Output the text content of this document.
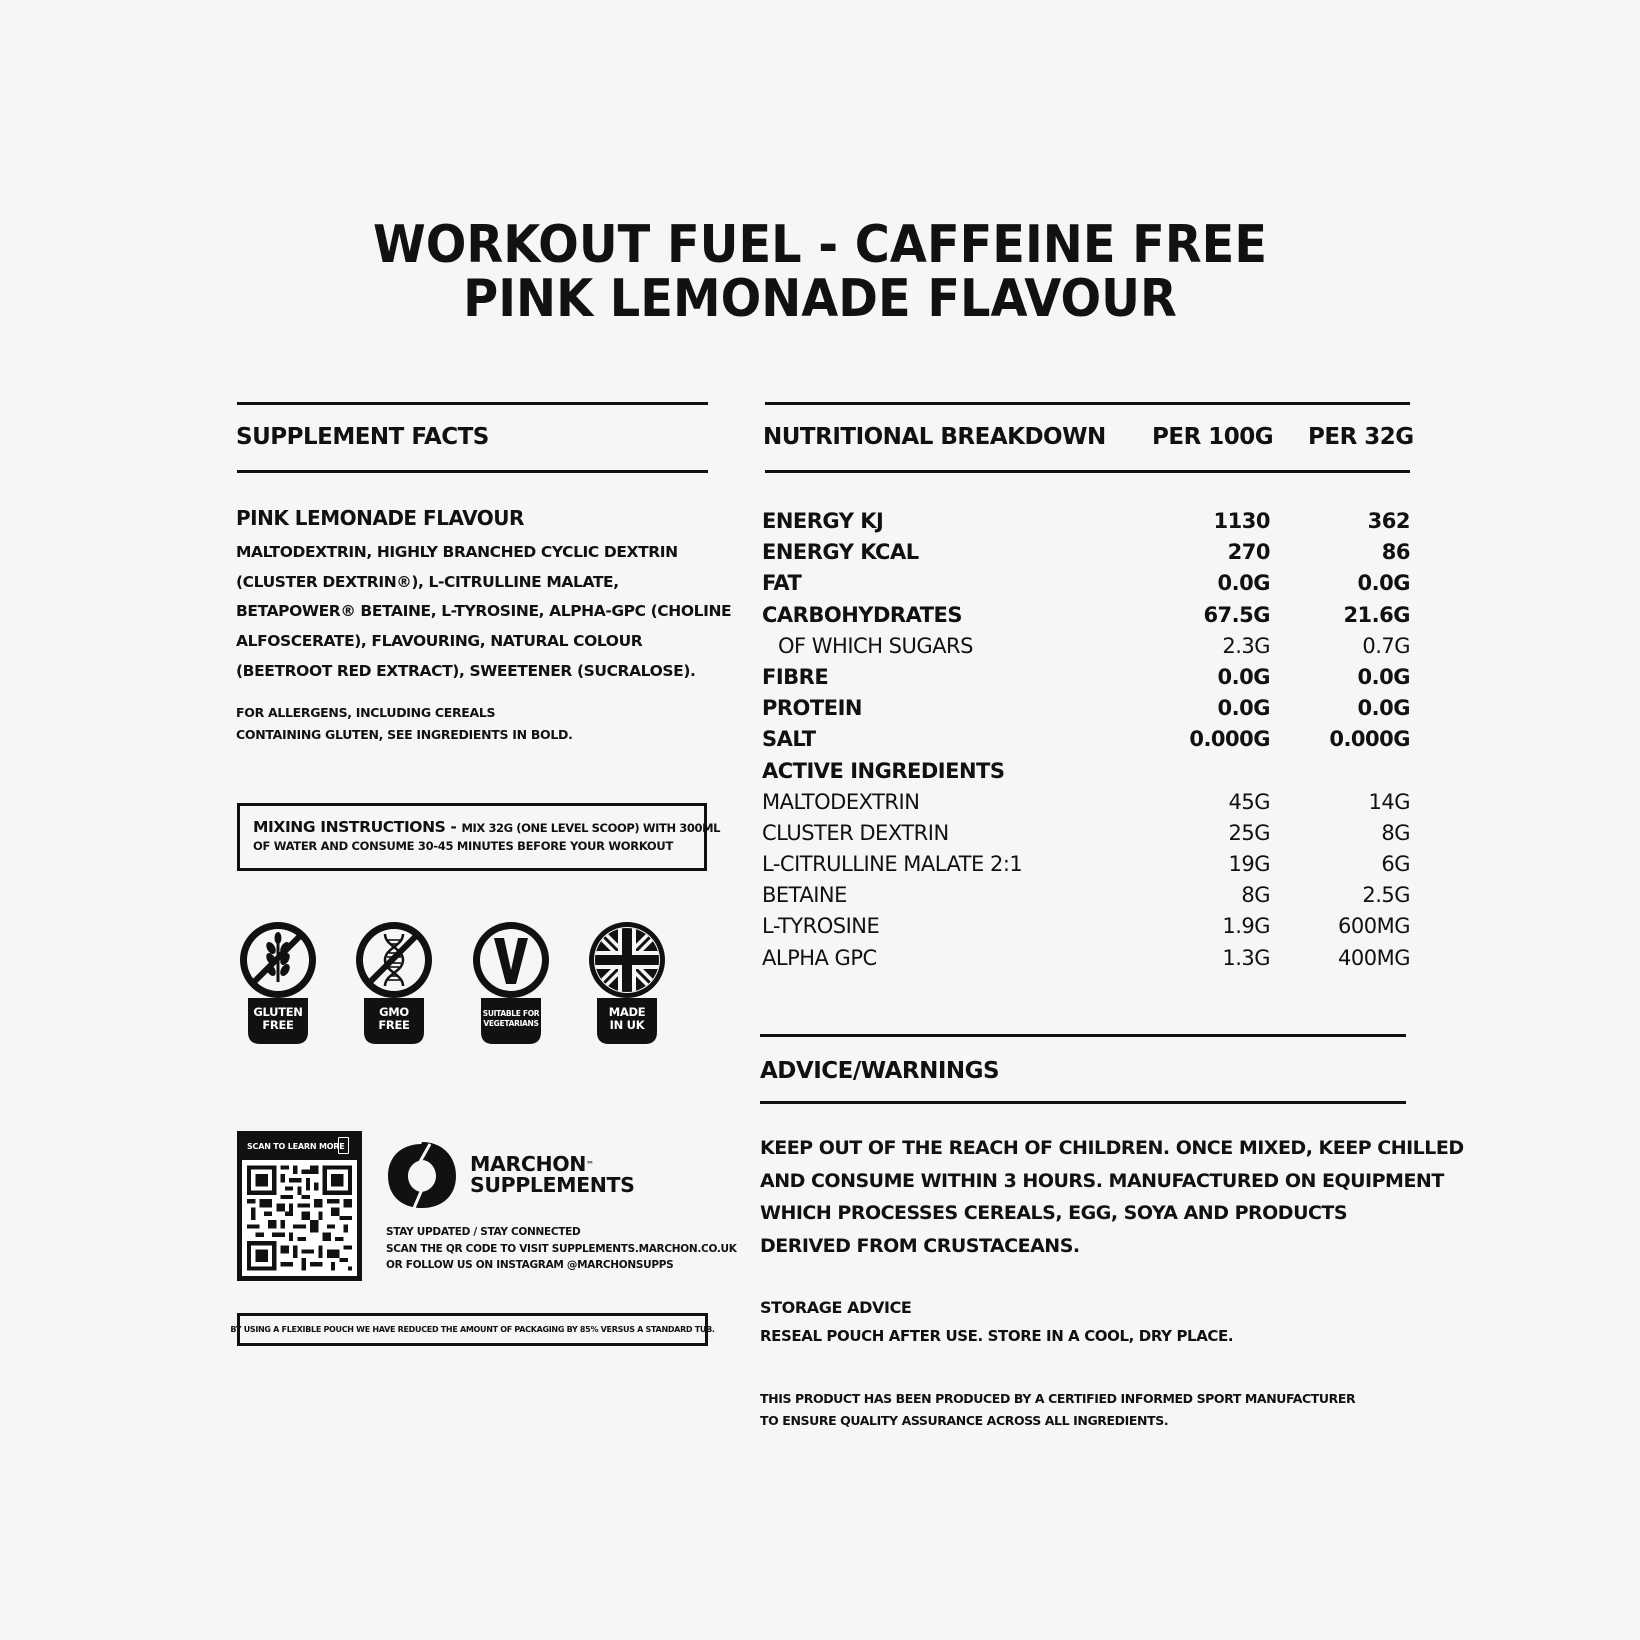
WORKOUT FUEL - CAFFEINE FREE
PINK LEMONADE FLAVOUR
SUPPLEMENT FACTS
PINK LEMONADE FLAVOUR
MALTODEXTRIN, HIGHLY BRANCHED CYCLIC DEXTRIN
(CLUSTER DEXTRIN®), L-CITRULLINE MALATE,
BETAPOWER® BETAINE, L-TYROSINE, ALPHA-GPC (CHOLINE
ALFOSCERATE), FLAVOURING, NATURAL COLOUR
(BEETROOT RED EXTRACT), SWEETENER (SUCRALOSE).
FOR ALLERGENS, INCLUDING CEREALS
CONTAINING GLUTEN, SEE INGREDIENTS IN BOLD.
MIXING INSTRUCTIONS - MIX 32G (ONE LEVEL SCOOP) WITH 300ML
OF WATER AND CONSUME 30-45 MINUTES BEFORE YOUR WORKOUT
GLUTEN
FREE
GMO
FREE
SUITABLE FOR
VEGETARIANS
MADE
IN UK
SCAN TO LEARN MORE
MARCHON™
SUPPLEMENTS
STAY UPDATED / STAY CONNECTED
SCAN THE QR CODE TO VISIT SUPPLEMENTS.MARCHON.CO.UK
OR FOLLOW US ON INSTAGRAM @MARCHONSUPPS
BY USING A FLEXIBLE POUCH WE HAVE REDUCED THE AMOUNT OF PACKAGING BY 85% VERSUS A STANDARD TUB.
NUTRITIONAL BREAKDOWN PER 100G PER 32G
ENERGY KJ	1130	362
ENERGY KCAL	270	86
FAT	0.0G	0.0G
CARBOHYDRATES	67.5G	21.6G
OF WHICH SUGARS	2.3G	0.7G
FIBRE	0.0G	0.0G
PROTEIN	0.0G	0.0G
SALT	0.000G	0.000G
ACTIVE INGREDIENTS
MALTODEXTRIN	45G	14G
CLUSTER DEXTRIN	25G	8G
L-CITRULLINE MALATE 2:1	19G	6G
BETAINE	8G	2.5G
L-TYROSINE	1.9G	600MG
ALPHA GPC	1.3G	400MG
ADVICE/WARNINGS
KEEP OUT OF THE REACH OF CHILDREN. ONCE MIXED, KEEP CHILLED
AND CONSUME WITHIN 3 HOURS. MANUFACTURED ON EQUIPMENT
WHICH PROCESSES CEREALS, EGG, SOYA AND PRODUCTS
DERIVED FROM CRUSTACEANS.
STORAGE ADVICE
RESEAL POUCH AFTER USE. STORE IN A COOL, DRY PLACE.
THIS PRODUCT HAS BEEN PRODUCED BY A CERTIFIED INFORMED SPORT MANUFACTURER
TO ENSURE QUALITY ASSURANCE ACROSS ALL INGREDIENTS.
